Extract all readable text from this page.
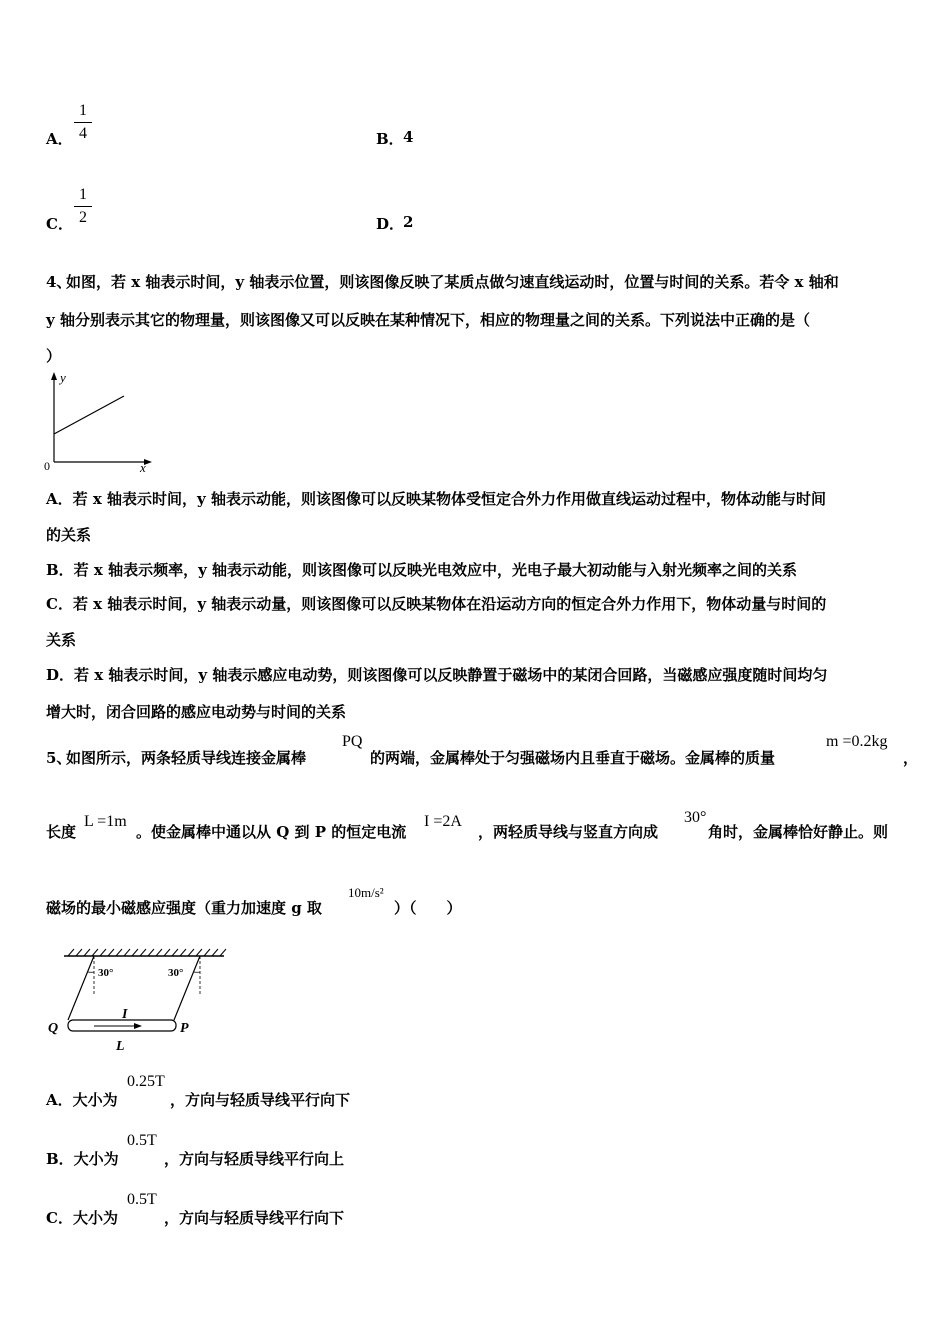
A．
1
4	B． 4
C．
1
2	D．
2
4、
如图，若 x 轴表示时间，y 轴表示位置，则该图像反映了某质点做匀速直线运动时，位置与时间的关系。若令 x 轴和
y 轴分别表示其它的物理量，则该图像又可以反映在某种情况下，相应的物理量之间的关系。下列说法中正确的是（
）
y
x
0
A．若 x 轴表示时间，y 轴表示动能，则该图像可以反映某物体受恒定合外力作用做直线运动过程中，物体动能与时间
的关系
B．若 x 轴表示频率，y 轴表示动能，则该图像可以反映光电效应中，光电子最大初动能与入射光频率之间的关系
C．若 x 轴表示时间，y 轴表示动量，则该图像可以反映某物体在沿运动方向的恒定合外力作用下，物体动量与时间的
关系
D．若 x 轴表示时间，y 轴表示感应电动势，则该图像可以反映静置于磁场中的某闭合回路，当磁感应强度随时间均匀
增大时，闭合回路的感应电动势与时间的关系
5、
如图所示，两条轻质导线连接金属棒
PQ
的两端，金属棒处于匀强磁场内且垂直于磁场。金属棒的质量
m =0.2kg
，
长度
L =1m
。使金属棒中通以从 Q 到 P 的恒定电流
I =2A
，两轻质导线与竖直方向成
30°
角时，金属棒恰好静止。则
磁场的最小磁感应强度（重力加速度 g 取
10m/s²
）（　　）
30°	30°
Q	P
I
L
A．大小为
0.25T
，方向与轻质导线平行向下
B．大小为
0.5T
，方向与轻质导线平行向上
C．大小为
0.5T
，方向与轻质导线平行向下
